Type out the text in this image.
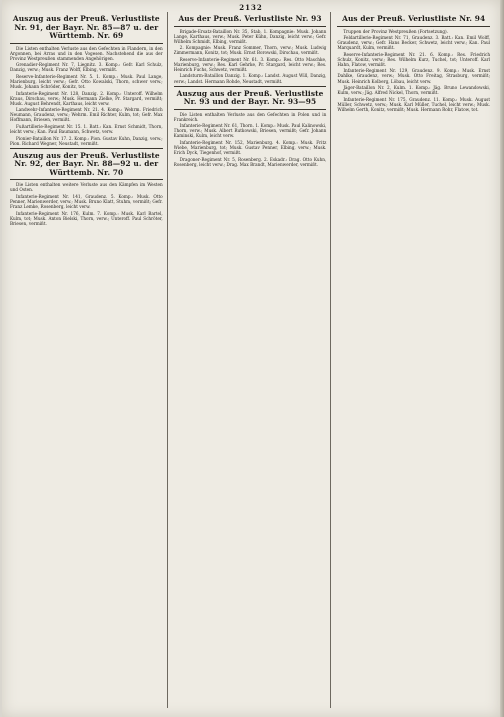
2132
Auszug aus der Preuß. Verlustliste Nr. 91, der Bayr. Nr. 85—87 u. der Württemb. Nr. 69

Die Listen enthalten Verluste aus den Gefechten in Flandern, in den Argonnen, bei Arras und in den Vogesen. Nachstehend die aus der Provinz Westpreußen stammenden Angehörigen.

Grenadier-Regiment Nr. 7, Liegnitz. 3. Komp.: Gefr. Karl Schulz, Danzig, verw.; Musk. Franz Wolff, Elbing, vermißt.

Reserve-Infanterie-Regiment Nr. 5. 1. Komp.: Musk. Paul Lange, Marienburg, leicht verw.; Gefr. Otto Kowalski, Thorn, schwer verw.; Musk. Johann Schröder, Konitz, tot.

Infanterie-Regiment Nr. 128, Danzig. 2. Komp.: Unteroff. Wilhelm Kraus, Dirschau, verw.; Musk. Hermann Zielke, Pr. Stargard, vermißt; Musk. August Behrendt, Karthaus, leicht verw.

Landwehr-Infanterie-Regiment Nr. 21. 4. Komp.: Wehrm. Friedrich Neumann, Graudenz, verw.; Wehrm. Emil Richter, Kulm, tot; Gefr. Max Hoffmann, Briesen, vermißt.

Fußartillerie-Regiment Nr. 15. 1. Batt.: Kan. Ernst Schmidt, Thorn, leicht verw.; Kan. Paul Baumann, Schwetz, verw.

Pionier-Bataillon Nr. 17. 2. Komp.: Pion. Gustav Kuhn, Danzig, verw.; Pion. Richard Wegner, Neustadt, vermißt.

Auszug aus der Preuß. Verlustliste Nr. 92, der Bayr. Nr. 88—92 u. der Württemb. Nr. 70

Die Listen enthalten weitere Verluste aus den Kämpfen im Westen und Osten.

Infanterie-Regiment Nr. 141, Graudenz. 5. Komp.: Musk. Otto Penner, Marienwerder, verw.; Musk. Bruno Klatt, Stuhm, vermißt; Gefr. Franz Lemke, Rosenberg, leicht verw.

Infanterie-Regiment Nr. 176, Kulm. 7. Komp.: Musk. Karl Bartel, Kulm, tot; Musk. Anton Bielski, Thorn, verw.; Unteroff. Paul Schröter, Briesen, vermißt.

Aus der Preuß. Verlustliste Nr. 93

Brigade-Ersatz-Bataillon Nr. 35, Stab, 1. Kompagnie: Musk. Johann Lange, Karthaus, verw.; Musk. Peter Kühn, Danzig, leicht verw.; Gefr. Wilhelm Schmidt, Elbing, vermißt.

2. Kompagnie: Musk. Franz Sommer, Thorn, verw.; Musk. Ludwig Zimmermann, Konitz, tot; Musk. Ernst Borowski, Dirschau, vermißt.

Reserve-Infanterie-Regiment Nr. 61. 3. Komp.: Res. Otto Maschke, Marienburg, verw.; Res. Karl Gehrke, Pr. Stargard, leicht verw.; Res. Heinrich Fuchs, Schwetz, vermißt.

Landsturm-Bataillon Danzig. 1. Komp.: Landst. August Will, Danzig, verw.; Landst. Hermann Rohde, Neustadt, vermißt.

Auszug aus der Preuß. Verlustliste Nr. 93 und der Bayr. Nr. 93—95

Die Listen enthalten Verluste aus den Gefechten in Polen und in Frankreich.

Infanterie-Regiment Nr. 61, Thorn. 1. Komp.: Musk. Paul Kalinowski, Thorn, verw.; Musk. Albert Rutkowski, Briesen, vermißt; Gefr. Johann Kaminski, Kulm, leicht verw.

Infanterie-Regiment Nr. 152, Marienburg. 4. Komp.: Musk. Fritz Wiebe, Marienburg, tot; Musk. Gustav Penner, Elbing, verw.; Musk. Erich Dyck, Tiegenhof, vermißt.

Dragoner-Regiment Nr. 5, Rosenberg. 2. Eskadr.: Drag. Otto Kuhn, Rosenberg, leicht verw.; Drag. Max Brandt, Marienwerder, vermißt.

Aus der Preuß. Verlustliste Nr. 94

Truppen der Provinz Westpreußen (Fortsetzung).

Feldartillerie-Regiment Nr. 71, Graudenz. 3. Batt.: Kan. Emil Wolff, Graudenz, verw.; Gefr. Hans Becker, Schwetz, leicht verw.; Kan. Paul Marquardt, Kulm, vermißt.

Reserve-Infanterie-Regiment Nr. 21. 6. Komp.: Res. Friedrich Schulz, Konitz, verw.; Res. Wilhelm Kurz, Tuchel, tot; Unteroff. Karl Hahn, Flatow, vermißt.

Infanterie-Regiment Nr. 129, Graudenz. 9. Komp.: Musk. Ernst Dahlke, Graudenz, verw.; Musk. Otto Freitag, Strasburg, vermißt; Musk. Heinrich Kolberg, Löbau, leicht verw.

Jäger-Bataillon Nr. 2, Kulm. 1. Komp.: Jäg. Bruno Lewandowski, Kulm, verw.; Jäg. Alfred Nickel, Thorn, vermißt.

Infanterie-Regiment Nr. 175, Graudenz. 11. Komp.: Musk. August Müller, Schwetz, verw.; Musk. Karl Müller, Tuchel, leicht verw.; Musk. Wilhelm Gerth, Konitz, vermißt; Musk. Hermann Rohr, Flatow, tot.
